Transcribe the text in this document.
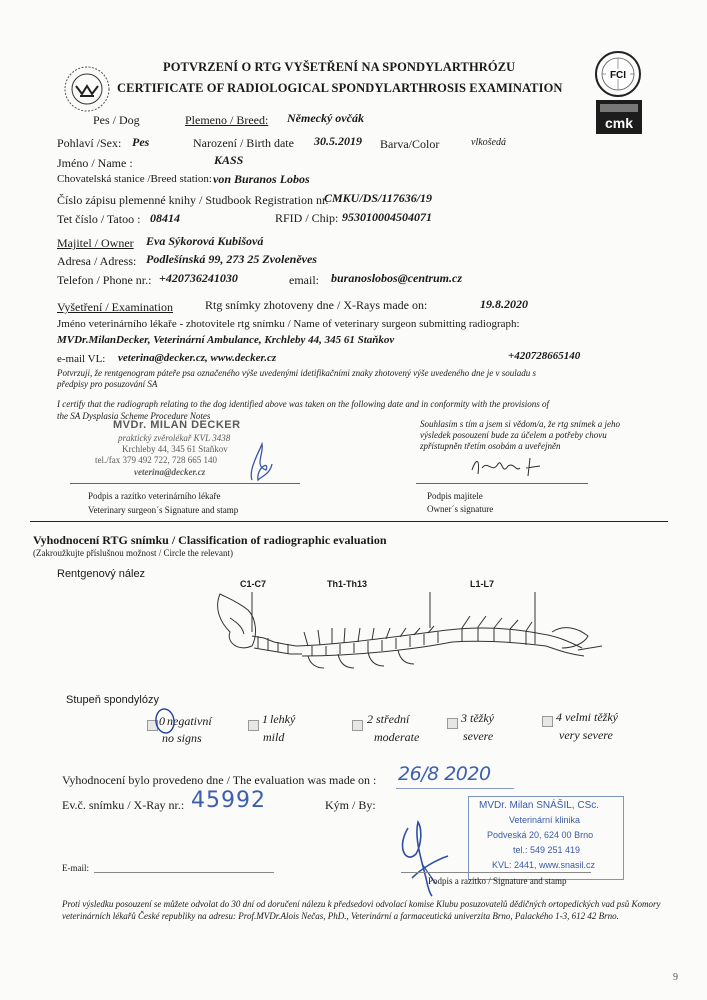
POTVRZENÍ O RTG VYŠETŘENÍ NA SPONDYLARTHRÓZU
CERTIFICATE OF RADIOLOGICAL SPONDYLARTHROSIS EXAMINATION
FCI
cmk
Pes / Dog	Plemeno / Breed: Německý ovčák
Pohlaví /Sex: Pes	Narození / Birth date 30.5.2019 Barva/Color	vlkošedá
Jméno / Name :	KASS
Chovatelská stanice /Breed station: von Buranos Lobos
Číslo zápisu plemenné knihy / Studbook Registration nr.
CMKU/DS/117636/19
Tet číslo / Tatoo : 08414	RFID / Chip: 953010004504071
Majitel / Owner Eva Sýkorová Kubišová
Adresa / Adress: Podlešínská 99, 273 25 Zvoleněves
Telefon / Phone nr.: +420736241030	email: buranoslobos@centrum.cz
Vyšetření / Examination	Rtg snímky zhotoveny dne / X-Rays made on:	19.8.2020
Jméno veterinárního lékaře - zhotovitele rtg snímku / Name of veterinary surgeon submitting radiograph:
MVDr.MilanDecker, Veterinární Ambulance, Krchleby 44, 345 61 Staňkov
e-mail VL: veterina@decker.cz, www.decker.cz	+420728665140
Potvrzuji, že rentgenogram páteře psa označeného výše uvedenými idetifikačními znaky zhotovený výše uvedeného dne je v souladu s
předpisy pro posuzování SA
I certify that the radiograph relating to the dog identified above was taken on the following date and in conformity with the provisions of
the SA Dysplasia Scheme Procedure Notes
MVDr. MILAN DECKER
praktický zvěrolékař KVL 3438
Krchleby 44, 345 61 Staňkov
tel./fax 379 492 722, 728 665 140
veterina@decker.cz
Souhlasím s tím a jsem si vědom/a, že rtg snímek a jeho
výsledek posouzení bude za účelem a potřeby chovu
zpřístupněn třetím osobám a uveřejněn
Podpis a razítko veterinárního lékaře
Veterinary surgeon´s Signature and stamp
Podpis majitele
Owner´s signature
Vyhodnocení RTG snímku / Classification of radiographic evaluation
(Zakroužkujte příslušnou možnost / Circle the relevant)
Rentgenový nález
C1-C7	Th1-Th13	L1-L7
Stupeň spondylózy
0 negativní
no signs
1 lehký
mild
2 střední
moderate
3 těžký
severe
4 velmi těžký
very severe
Vyhodnocení bylo provedeno dne / The evaluation was made on : 26/8 2020
Ev.č. snímku / X-Ray nr.: 45992	Kým / By:	MVDr. Milan SNÁŠIL, CSc.
Veterinární klinika
Podvesk​á 20, 624 00 Brno
tel.: 549 251 419
KVL: 2441, www.snasil.cz
E-mail:
Podpis a razítko / Signature and stamp
Proti výsledku posouzení se můžete odvolat do 30 dní od doručení nálezu k předsedovi odvolací komise Klubu posuzovatelů dědičných ortopedických vad psů Komory veterinárních lékařů České republiky na adresu: Prof.MVDr.Alois Nečas, PhD., Veterinární a farmaceutická univerzita Brno, Palackého 1-3, 612 42 Brno.
9
